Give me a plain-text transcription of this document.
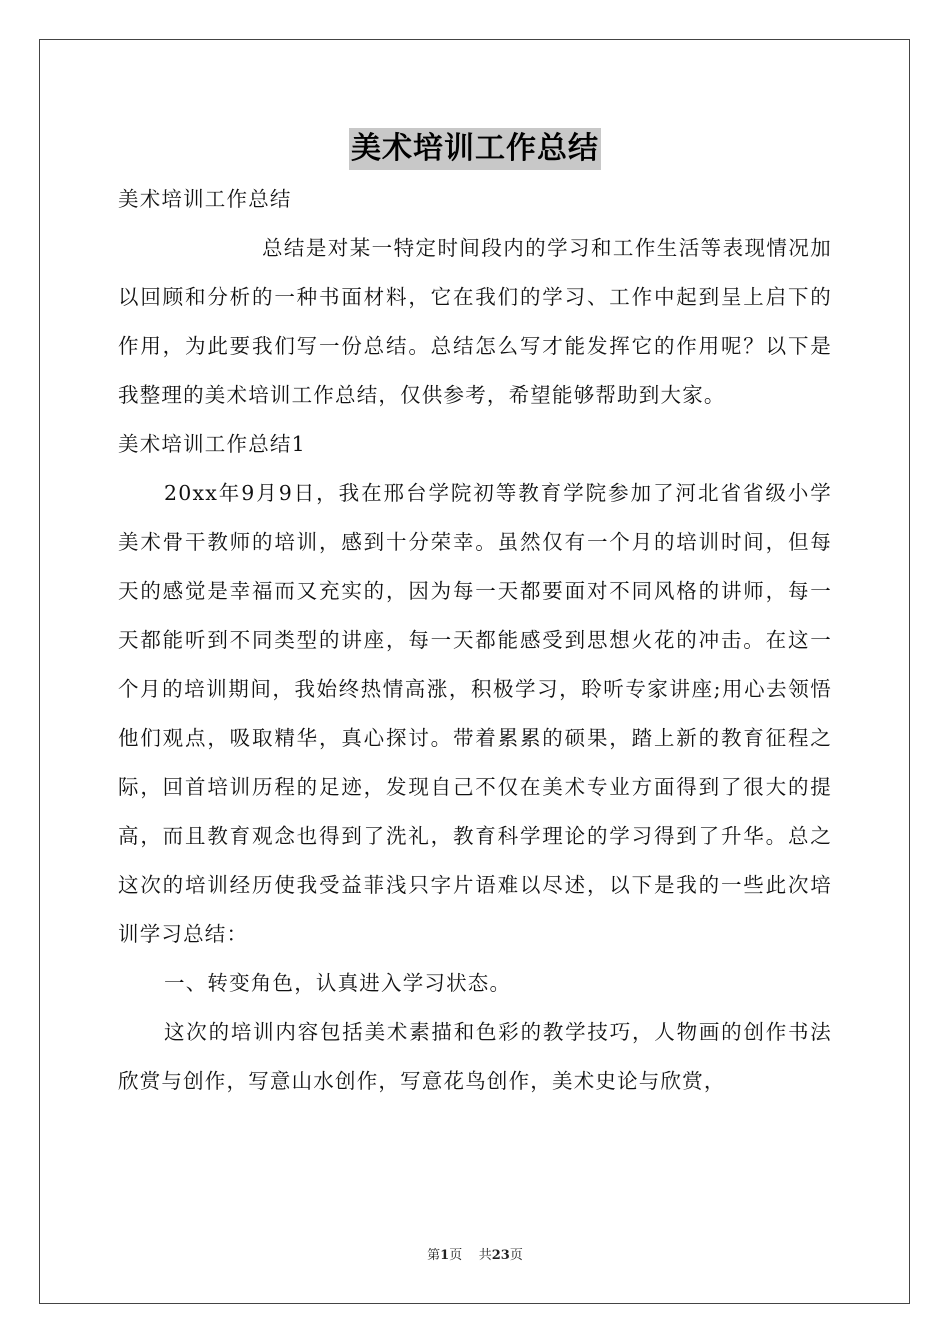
美术培训工作总结

美术培训工作总结

总结是对某一特定时间段内的学习和工作生活等表现情况加以回顾和分析的一种书面材料，它在我们的学习、工作中起到呈上启下的作用，为此要我们写一份总结。总结怎么写才能发挥它的作用呢？以下是我整理的美术培训工作总结，仅供参考，希望能够帮助到大家。

美术培训工作总结1

20xx年9月9日，我在邢台学院初等教育学院参加了河北省省级小学美术骨干教师的培训，感到十分荣幸。虽然仅有一个月的培训时间，但每天的感觉是幸福而又充实的，因为每一天都要面对不同风格的讲师，每一天都能听到不同类型的讲座，每一天都能感受到思想火花的冲击。在这一个月的培训期间，我始终热情高涨，积极学习，聆听专家讲座;用心去领悟他们观点，吸取精华，真心探讨。带着累累的硕果，踏上新的教育征程之际，回首培训历程的足迹，发现自己不仅在美术专业方面得到了很大的提高，而且教育观念也得到了洗礼，教育科学理论的学习得到了升华。总之这次的培训经历使我受益菲浅只字片语难以尽述，以下是我的一些此次培训学习总结：

一、转变角色，认真进入学习状态。

这次的培训内容包括美术素描和色彩的教学技巧，人物画的创作书法欣赏与创作，写意山水创作，写意花鸟创作，美术史论与欣赏，

第1页 共23页
